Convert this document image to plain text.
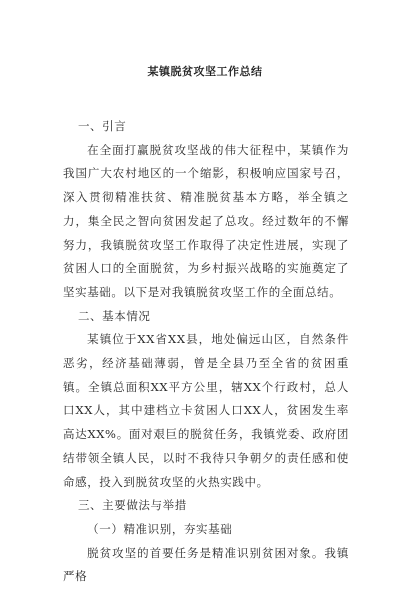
某镇脱贫攻坚工作总结

一、引言

在全面打赢脱贫攻坚战的伟大征程中，某镇作为我国广大农村地区的一个缩影，积极响应国家号召，深入贯彻精准扶贫、精准脱贫基本方略，举全镇之力，集全民之智向贫困发起了总攻。经过数年的不懈努力，我镇脱贫攻坚工作取得了决定性进展，实现了贫困人口的全面脱贫，为乡村振兴战略的实施奠定了坚实基础。以下是对我镇脱贫攻坚工作的全面总结。

二、基本情况

某镇位于XX省XX县，地处偏远山区，自然条件恶劣，经济基础薄弱，曾是全县乃至全省的贫困重镇。全镇总面积XX平方公里，辖XX个行政村，总人口XX人，其中建档立卡贫困人口XX人，贫困发生率高达XX%。面对艰巨的脱贫任务，我镇党委、政府团结带领全镇人民，以时不我待只争朝夕的责任感和使命感，投入到脱贫攻坚的火热实践中。

三、主要做法与举措

（一）精准识别，夯实基础

脱贫攻坚的首要任务是精准识别贫困对象。我镇严格
